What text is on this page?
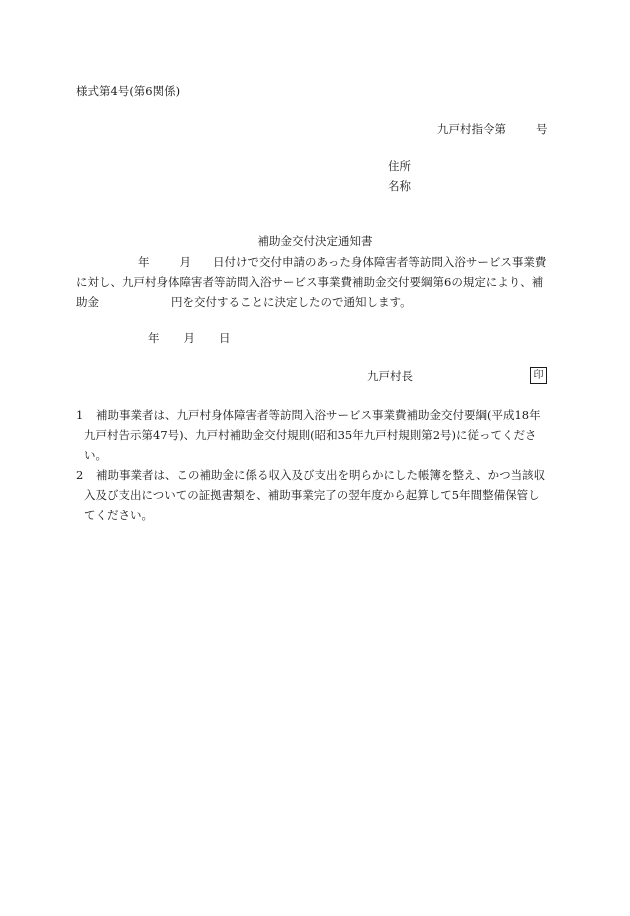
様式第4号(第6関係)
九戸村指令第	号
住所
名称
補助金交付決定通知書
年	月 日付けで交付申請のあった身体障害者等訪問入浴サービス事業費
に対し、九戸村身体障害者等訪問入浴サービス事業費補助金交付要綱第6の規定により、補
助金	円を交付することに決定したので通知します。
年 月 日
九戸村長	印
1	補助事業者は、九戸村身体障害者等訪問入浴サービス事業費補助金交付要綱(平成18年
九戸村告示第47号)、九戸村補助金交付規則(昭和35年九戸村規則第2号)に従ってくださ
い。
2	補助事業者は、この補助金に係る収入及び支出を明らかにした帳簿を整え、かつ当該収
入及び支出についての証拠書類を、補助事業完了の翌年度から起算して5年間整備保管し
てください。
